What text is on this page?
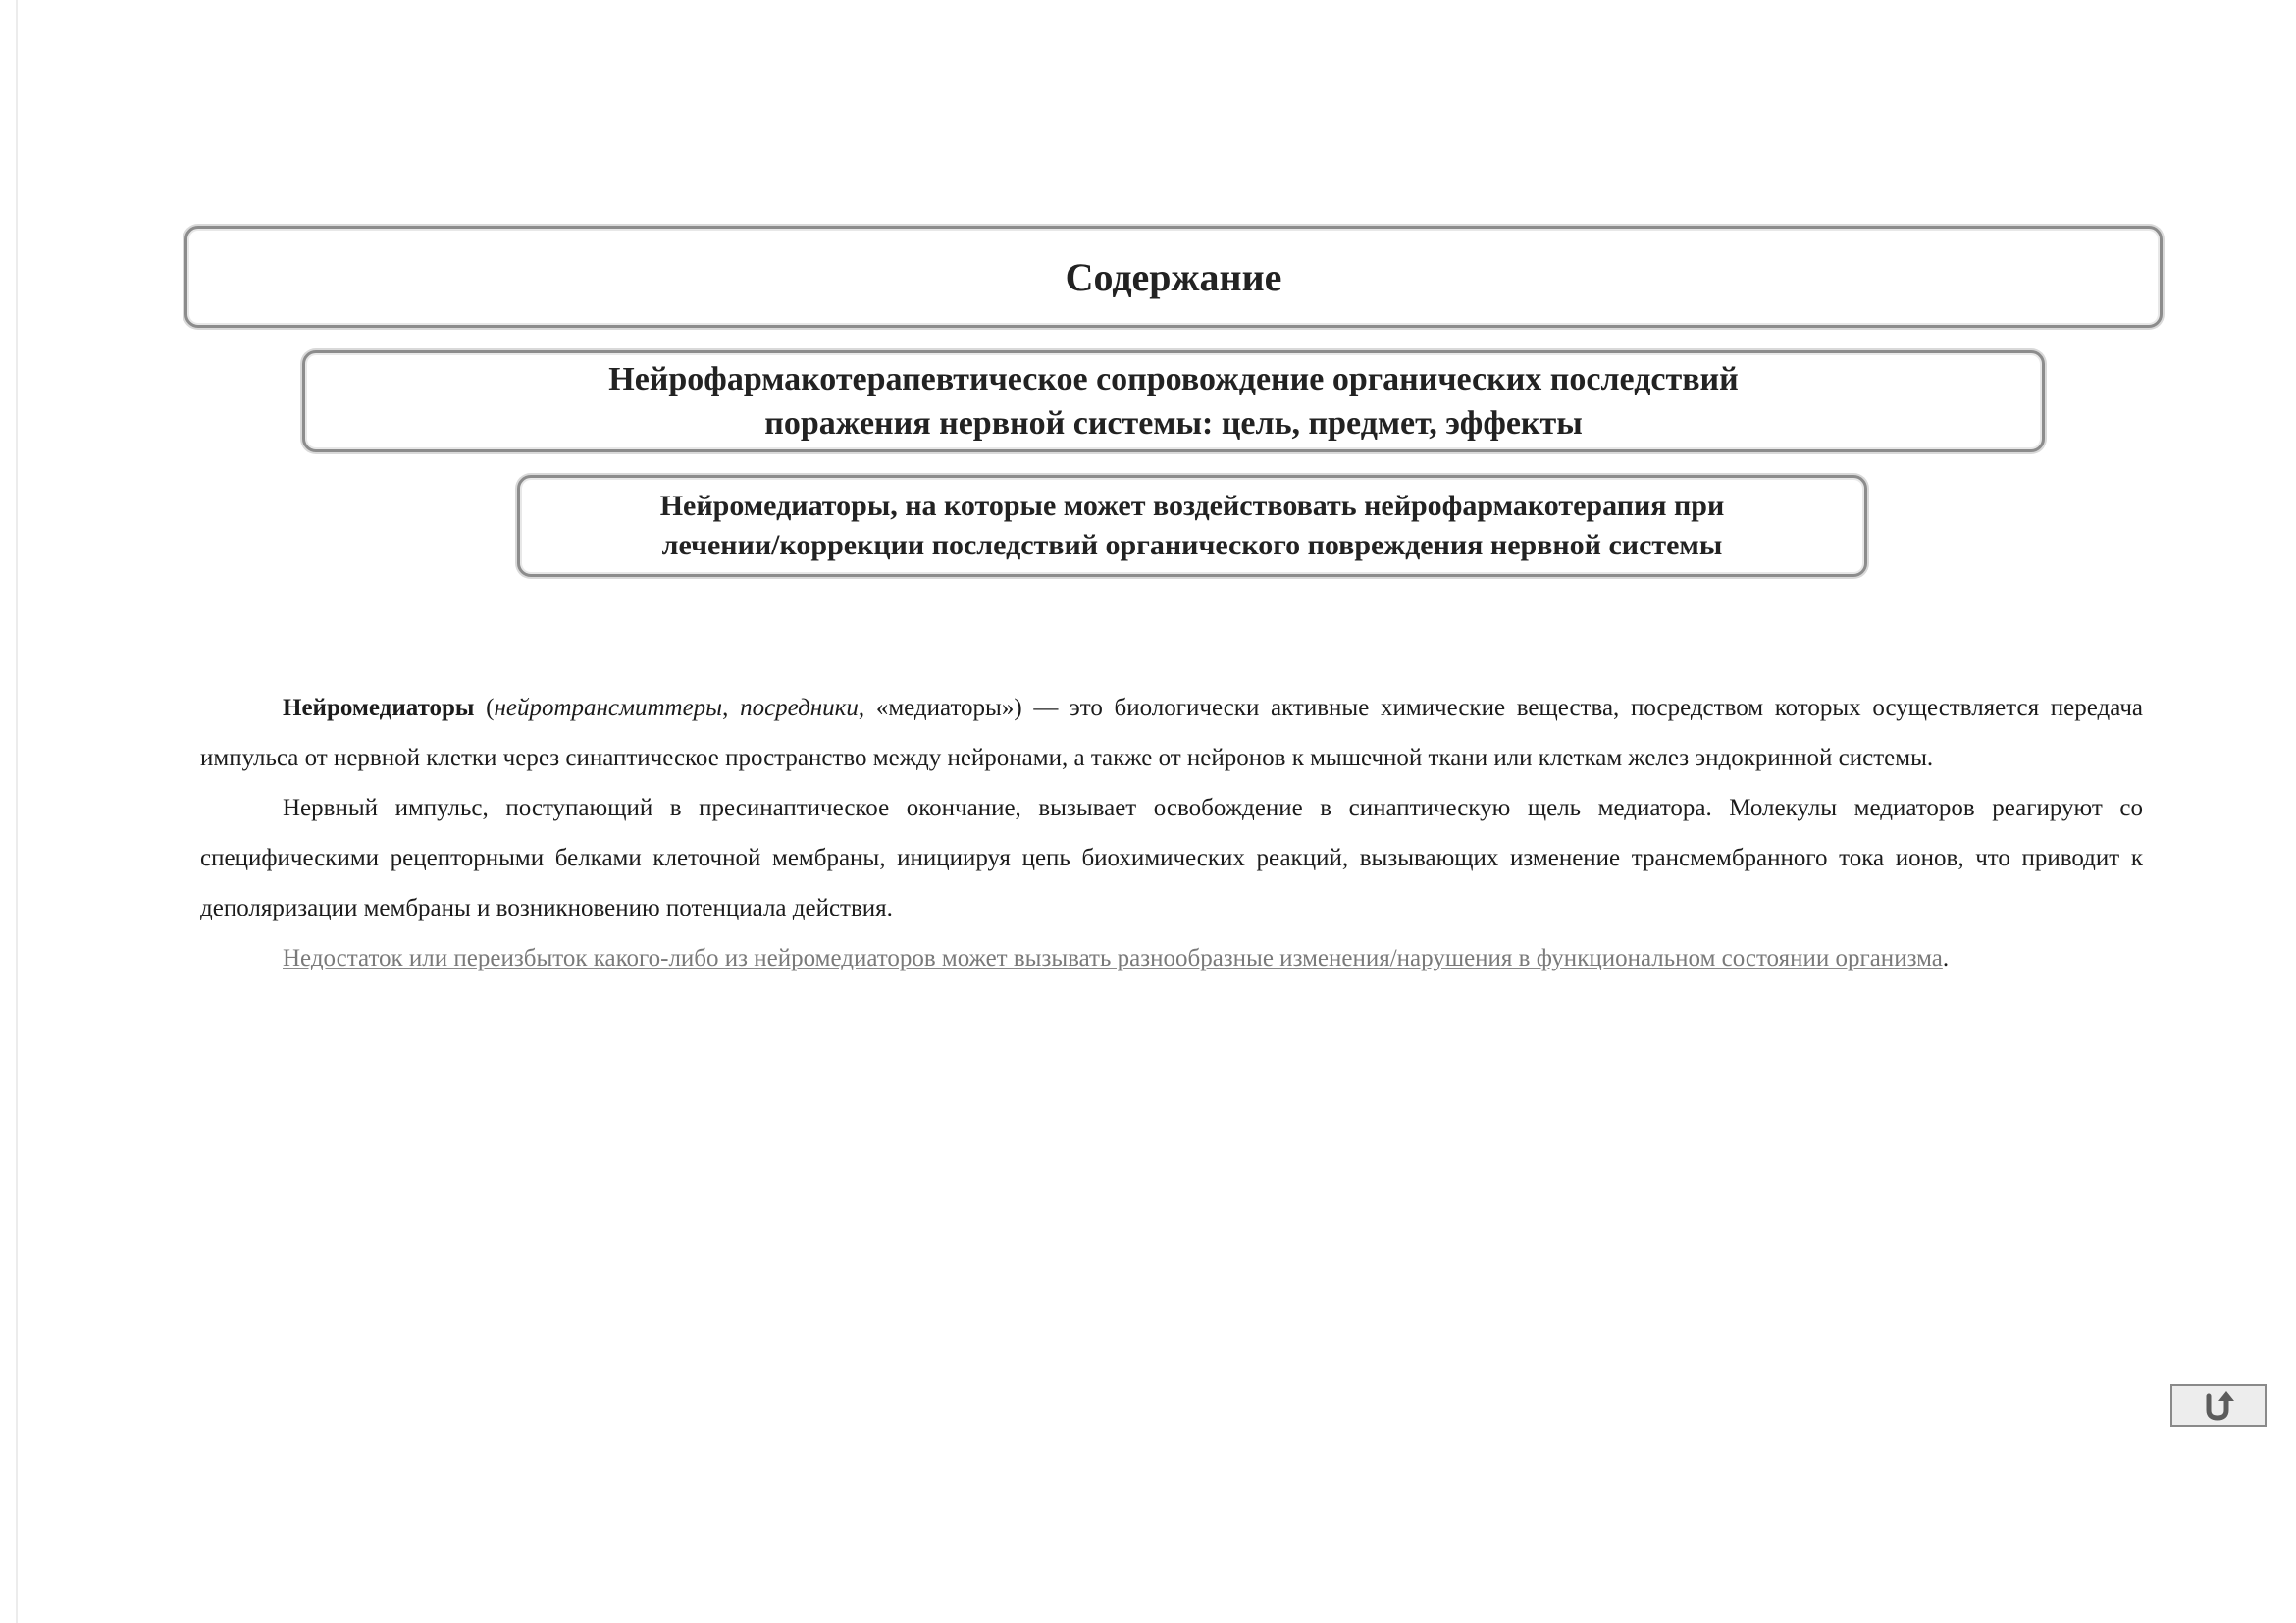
Содержание
Нейрофармакотерапевтическое сопровождение органических последствий
поражения нервной системы: цель, предмет, эффекты
Нейромедиаторы, на которые может воздействовать нейрофармакотерапия при
лечении/коррекции последствий органического повреждения нервной системы

Нейромедиаторы (нейротрансмиттеры, посредники, «медиаторы») — это биологически активные химические вещества, посредством которых осуществляется передача импульса от нервной клетки через синаптическое пространство между нейронами, а также от нейронов к мышечной ткани или клеткам желез эндокринной системы.

Нервный импульс, поступающий в пресинаптическое окончание, вызывает освобождение в синаптическую щель медиатора. Молекулы медиаторов реагируют со специфическими рецепторными белками клеточной мембраны, инициируя цепь биохимических реакций, вызывающих изменение трансмембранного тока ионов, что приводит к деполяризации мембраны и возникновению потенциала действия.

Недостаток или переизбыток какого-либо из нейромедиаторов может вызывать разнообразные изменения/нарушения в функциональном состоянии организма.
